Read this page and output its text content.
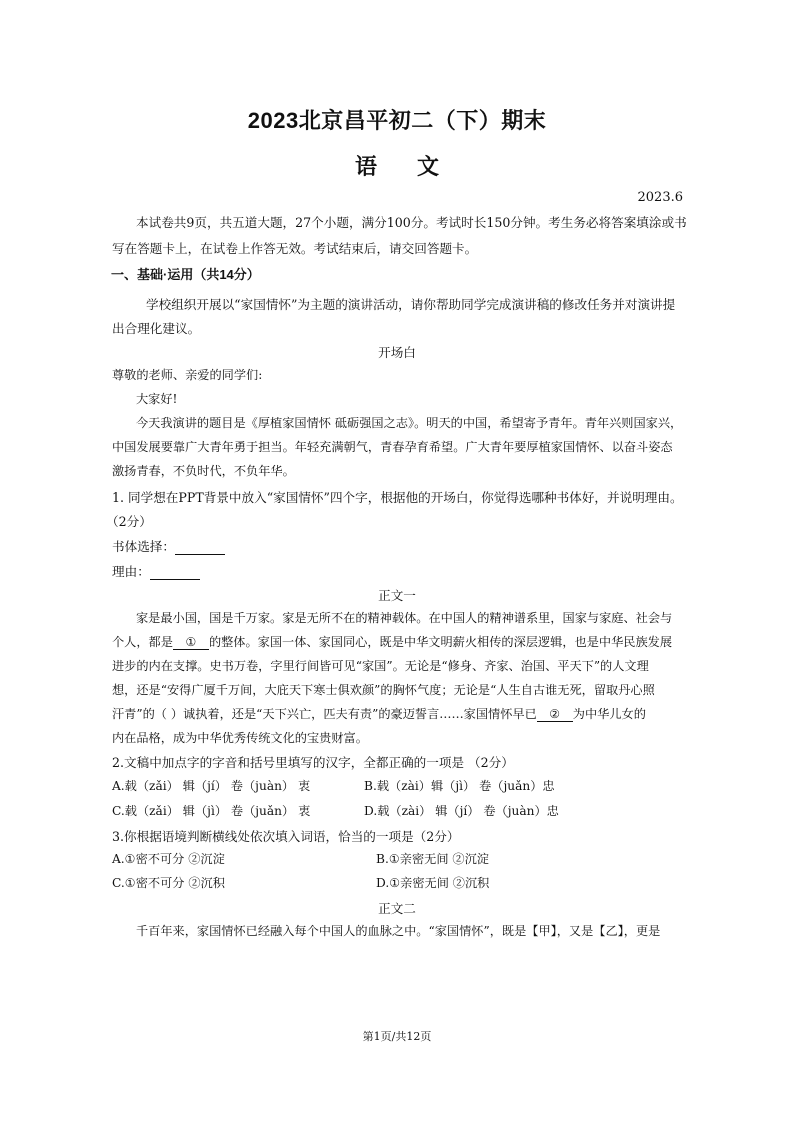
2023北京昌平初二（下）期末
语文
2023.6
本试卷共9页，共五道大题，27个小题，满分100分。考试时长150分钟。考生务必将答案填涂或书
写在答题卡上，在试卷上作答无效。考试结束后，请交回答题卡。
一、基础·运用（共14分）
学校组织开展以“家国情怀”为主题的演讲活动，请你帮助同学完成演讲稿的修改任务并对演讲提
出合理化建议。
开场白
尊敬的老师、亲爱的同学们:
大家好!
今天我演讲的题目是《厚植家国情怀 砥砺强国之志》。明天的中国，希望寄予青年。青年兴则国家兴，
中国发展要靠广大青年勇于担当。年轻充满朝气，青春孕育希望。广大青年要厚植家国情怀、以奋斗姿态
激扬青春，不负时代，不负年华。
1. 同学想在PPT背景中放入“家国情怀”四个字，根据他的开场白，你觉得选哪种书体好，并说明理由。
（2分）
书体选择：
理由：
正文一
家是最小国，国是千万家。家是无所不在的精神载体。在中国人的精神谱系里，国家与家庭、社会与
个人，都是 ① 的整体。家国一体、家国同心，既是中华文明薪火相传的深层逻辑，也是中华民族发展
进步的内在支撑。史书万卷，字里行间皆可见“家国”。无论是“修身、齐家、治国、平天下”的人文理
想，还是“安得广厦千万间，大庇天下寒士俱欢颜”的胸怀气度；无论是“人生自古谁无死，留取丹心照
汗青”的（ ）诚执着，还是“天下兴亡，匹夫有责”的豪迈誓言……家国情怀早已 ② 为中华儿女的
内在品格，成为中华优秀传统文化的宝贵财富。
2.文稿中加点字的字音和括号里填写的汉字，全都正确的一项是 （2分）
A.载（zǎi） 辑（jí） 卷（juàn） 衷	B.载（zài）辑（jì） 卷（juǎn）忠
C.载（zǎi） 辑（jì） 卷（juǎn） 衷	D.载（zài） 辑（jí） 卷（juàn）忠
3.你根据语境判断横线处依次填入词语，恰当的一项是（2分）
A.①密不可分 ②沉淀	B.①亲密无间 ②沉淀
C.①密不可分 ②沉积	D.①亲密无间 ②沉积
正文二
千百年来，家国情怀已经融入每个中国人的血脉之中。“家国情怀”，既是【甲】，又是【乙】，更是
第1页/共12页
